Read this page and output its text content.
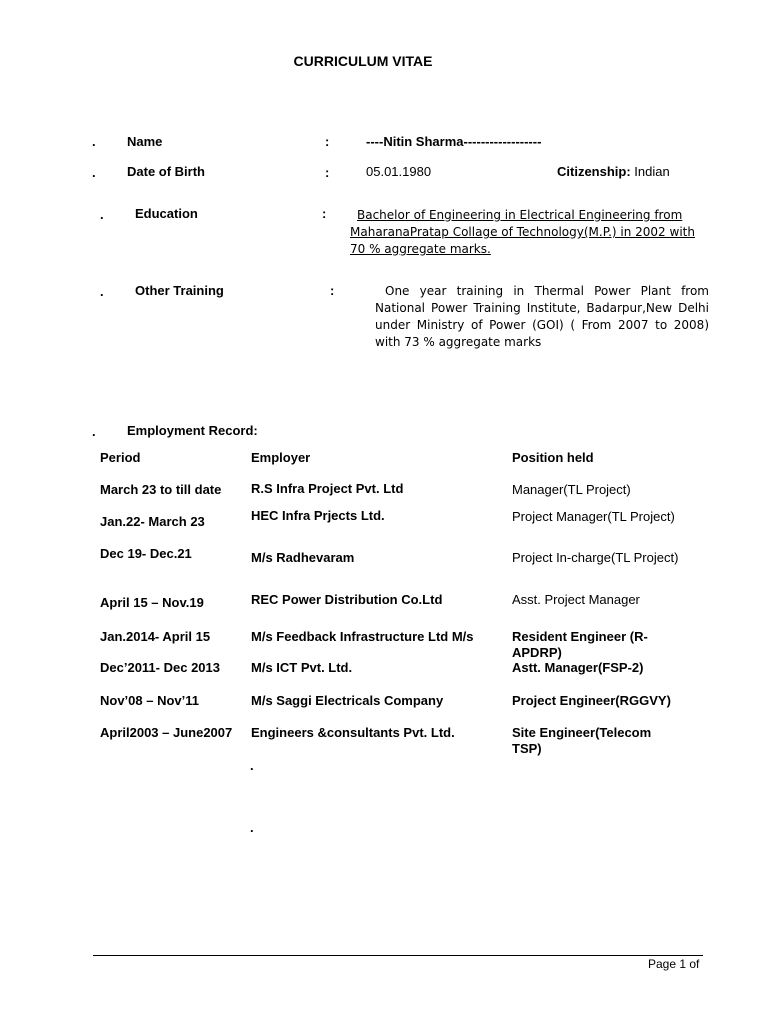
CURRICULUM VITAE
. Name	:	----Nitin Sharma------------------
. Date of Birth	:	05.01.1980	Citizenship: Indian
. Education	:	Bachelor of Engineering in Electrical Engineering from
MaharanaPratap Collage of Technology(M.P.) in 2002 with
70 % aggregate marks.
. Other Training	:	One year training in Thermal Power Plant from
National Power Training Institute, Badarpur,New Delhi
under Ministry of Power (GOI) ( From 2007 to 2008)
with 73 % aggregate marks
. Employment Record:
Period	Employer	Position held
March 23 to till date	R.S Infra Project Pvt. Ltd	Manager(TL Project)
Jan.22- March 23	HEC Infra Prjects Ltd.	Project Manager(TL Project)
Dec 19- Dec.21	M/s Radhevaram	Project In-charge(TL Project)
April 15 – Nov.19	REC Power Distribution Co.Ltd	Asst. Project Manager
Jan.2014- April 15	M/s Feedback Infrastructure Ltd M/s	Resident Engineer (R-APDRP)
Dec’2011- Dec 2013	M/s ICT Pvt. Ltd.	Astt. Manager(FSP-2)
Nov’08 – Nov’11	M/s Saggi Electricals Company	Project Engineer(RGGVY)
April2003 – June2007	Engineers &consultants Pvt. Ltd.	Site Engineer(Telecom TSP)
.
.
Page 1 of
